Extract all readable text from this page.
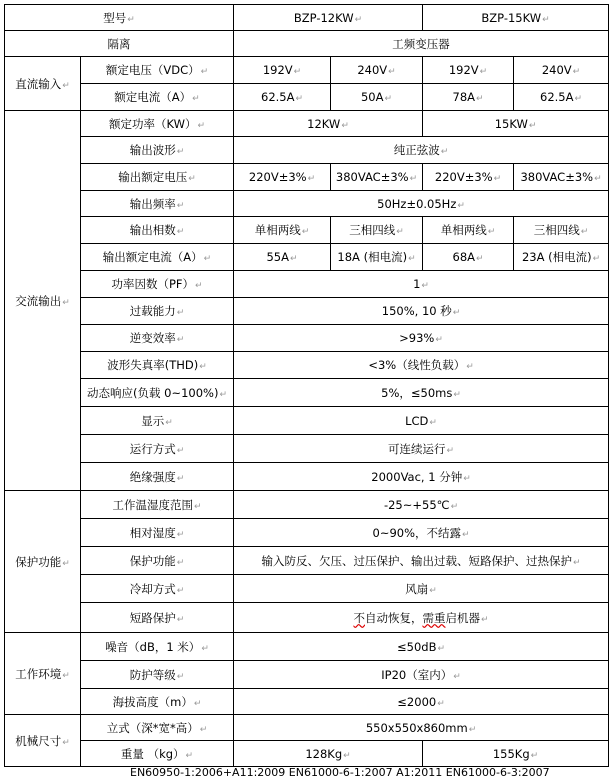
型号↵		BZP-12KW↵		BZP-15KW↵	
隔离		工频变压器			
直流输入↵	额定电压（VDC）↵	192V↵	240V↵	192V↵	240V↵
	额定电流（A）↵	62.5A↵	50A↵	78A↵	62.5A↵
交流输出↵	额定功率（KW）↵	12KW↵		15KW↵	
	输出波形↵	纯正弦波↵			
	输出额定电压↵	220V±3%↵	380VAC±3%↵	220V±3%↵	380VAC±3%↵
	输出频率↵	50Hz±0.05Hz↵			
	输出相数↵	单相两线↵	三相四线↵	单相两线↵	三相四线↵
	输出额定电流（A）↵	55A↵	18A (相电流)↵	68A↵	23A (相电流)↵
	功率因数（PF）↵	1↵			
	过载能力↵	150%, 10 秒↵			
	逆变效率↵	>93%↵			
	波形失真率(THD)↵	<3%（线性负载）↵			
	动态响应(负载 0~100%)↵	5%，≤50ms↵			
	显示↵	LCD↵			
	运行方式↵	可连续运行↵			
	绝缘强度↵	2000Vac, 1 分钟↵			
保护功能↵	工作温湿度范围↵	-25~+55℃↵			
	相对湿度↵	0~90%，不结露↵			
	保护功能↵	输入防反、欠压、过压保护、输出过载、短路保护、过热保护↵			
	冷却方式↵	风扇↵			
	短路保护↵	不自动恢复，需重启机器↵			
工作环境↵	噪音（dB，1 米）↵	≤50dB↵			
	防护等级↵	IP20（室内）↵			
	海拔高度（m）↵	≤2000↵			
机械尺寸↵	立式（深*宽*高）↵	550x550x860mm↵			
	重量 （kg）↵	128Kg↵		155Kg↵	
EN60950-1:2006+A11:2009 EN61000-6-1:2007 A1:2011 EN61000-6-3:2007
